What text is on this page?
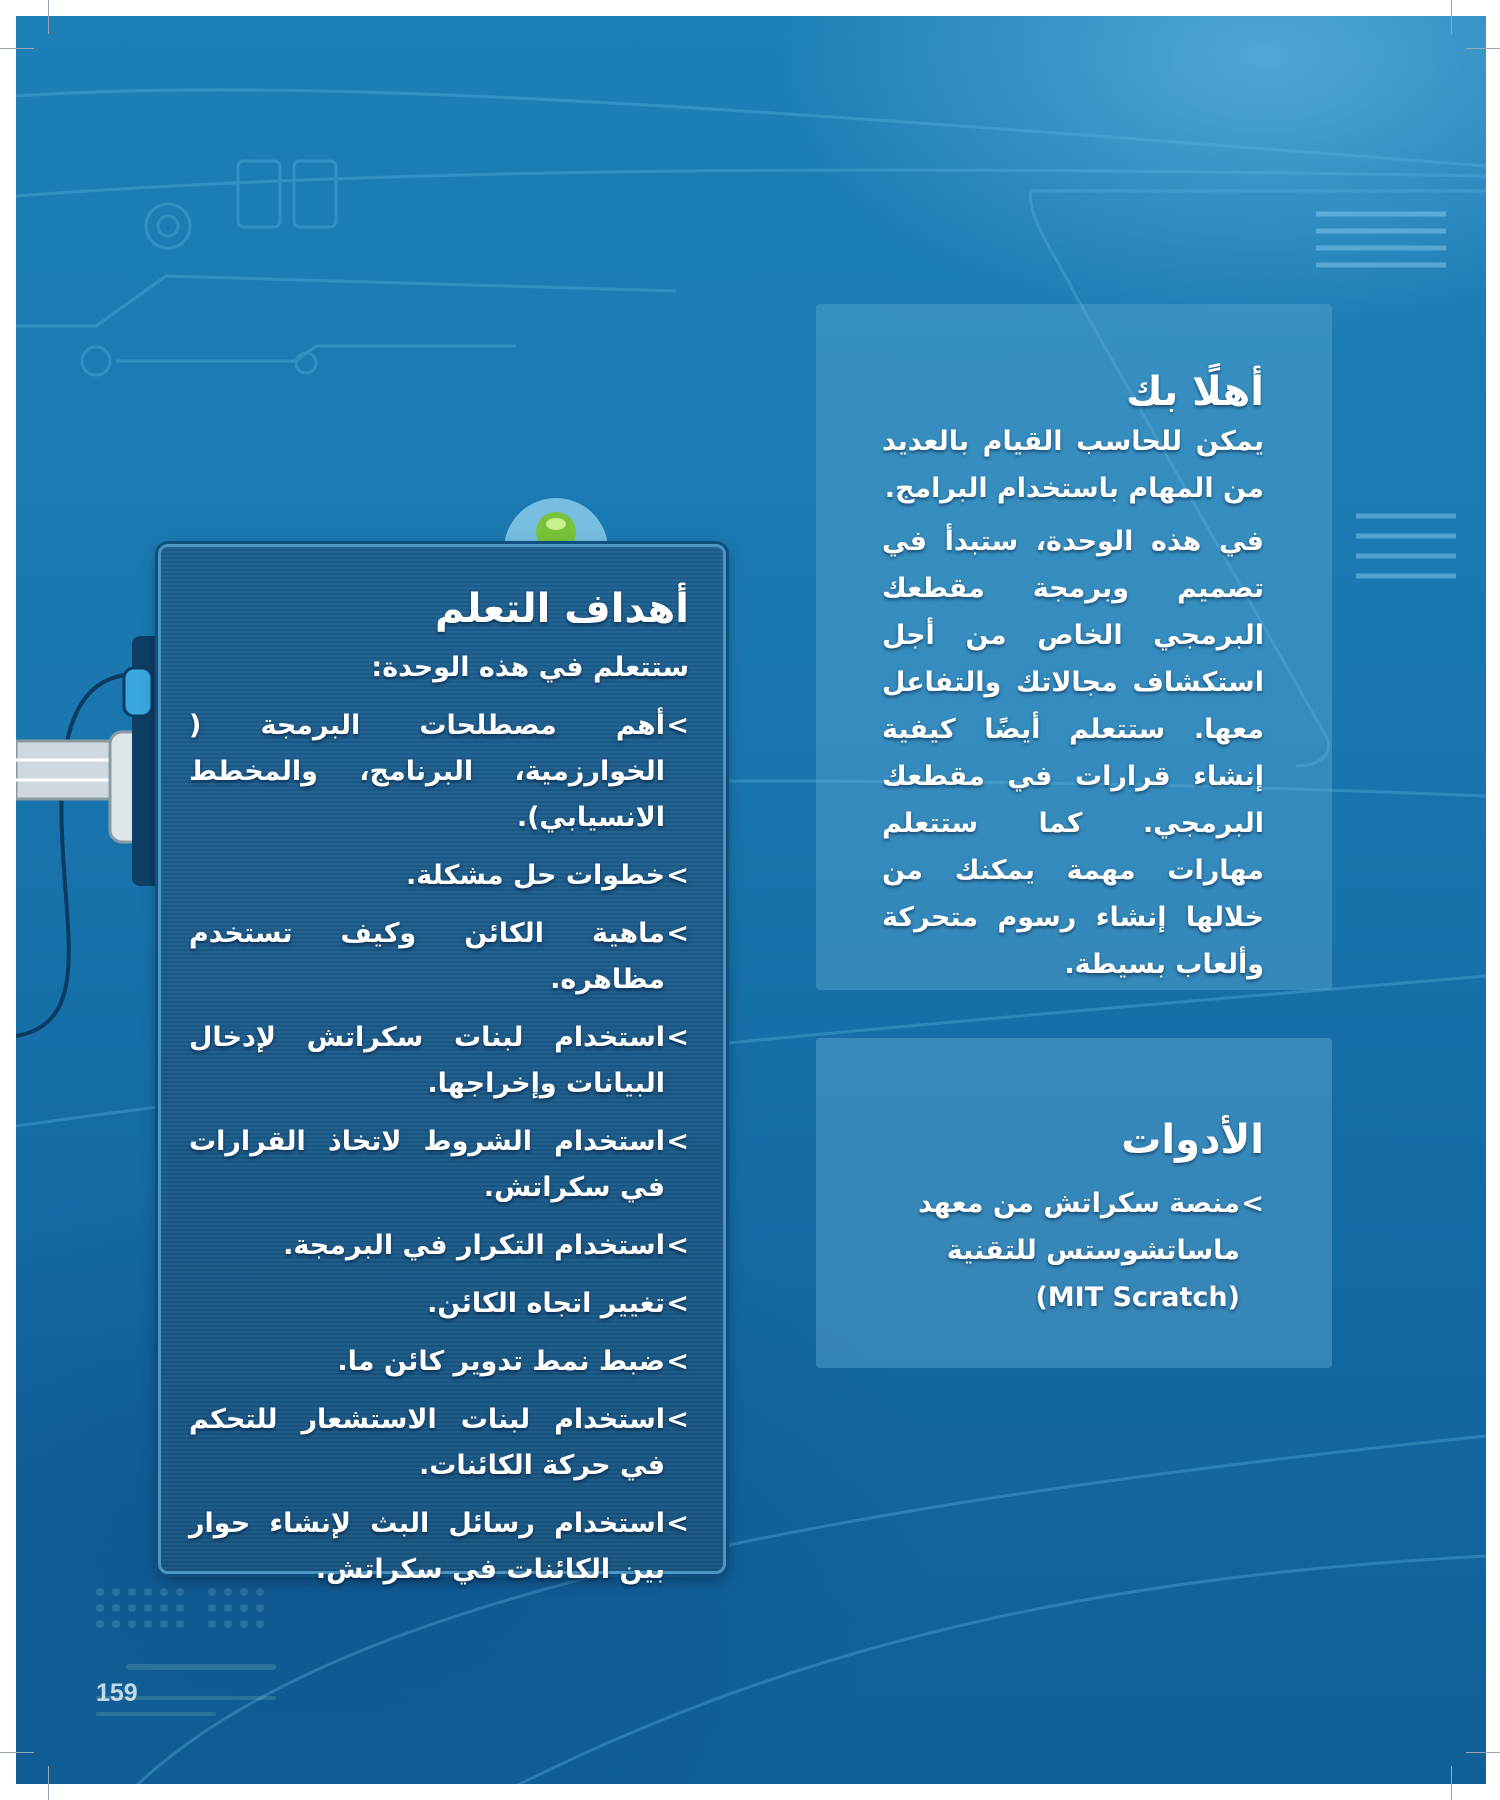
أهلًا بك

يمكن للحاسب القيام بالعديد من المهام باستخدام البرامج.

في هذه الوحدة، ستبدأ في تصميم وبرمجة مقطعك البرمجي الخاص من أجل استكشاف مجالاتك والتفاعل معها. ستتعلم أيضًا كيفية إنشاء قرارات في مقطعك البرمجي. كما ستتعلم مهارات مهمة يمكنك من خلالها إنشاء رسوم متحركة وألعاب بسيطة.

الأدوات
>
منصة سكراتش من معهد ماساتشوستس للتقنية (MIT Scratch)
أهداف التعلم
ستتعلم في هذه الوحدة:
>
أهم مصطلحات البرمجة ( الخوارزمية، البرنامج، والمخطط الانسيابي).
>
خطوات حل مشكلة.
>
ماهية الكائن وكيف تستخدم مظاهره.
>
استخدام لبنات سكراتش لإدخال البيانات وإخراجها.
>
استخدام الشروط لاتخاذ القرارات في سكراتش.
>
استخدام التكرار في البرمجة.
>
تغيير اتجاه الكائن.
>
ضبط نمط تدوير كائن ما.
>
استخدام لبنات الاستشعار للتحكم في حركة الكائنات.
>
استخدام رسائل البث لإنشاء حوار بين الكائنات في سكراتش.
159
